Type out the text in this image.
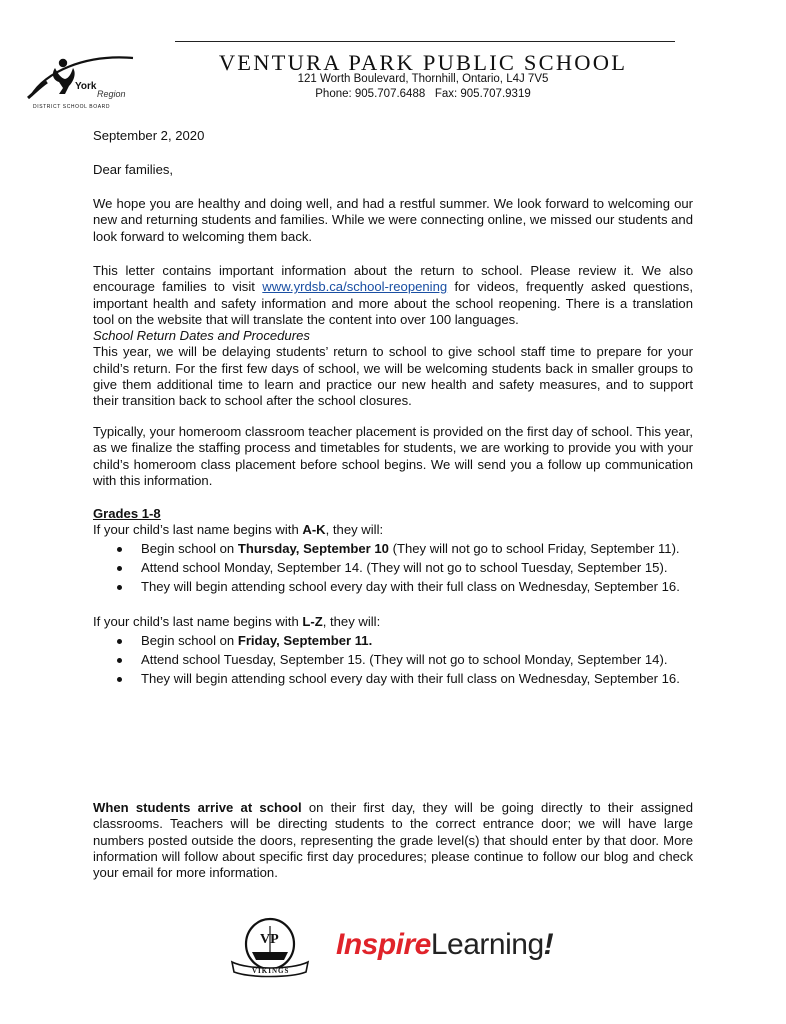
York
Region
DISTRICT SCHOOL BOARD
VENTURA PARK PUBLIC SCHOOL
121 Worth Boulevard, Thornhill, Ontario, L4J 7V5
Phone: 905.707.6488   Fax: 905.707.9319
September 2, 2020
Dear families,
We hope you are healthy and doing well, and had a restful summer. We look forward to welcoming our new and returning students and families. While we were connecting online, we missed our students and look forward to welcoming them back.
This letter contains important information about the return to school. Please review it. We also encourage families to visit www.yrdsb.ca/school-reopening for videos, frequently asked questions, important health and safety information and more about the school reopening. There is a translation tool on the website that will translate the content into over 100 languages.
School Return Dates and Procedures
This year, we will be delaying students’ return to school to give school staff time to prepare for your child’s return. For the first few days of school, we will be welcoming students back in smaller groups to give them additional time to learn and practice our new health and safety measures, and to support their transition back to school after the school closures.
Typically, your homeroom classroom teacher placement is provided on the first day of school. This year, as we finalize the staffing process and timetables for students, we are working to provide you with your child’s homeroom class placement before school begins. We will send you a follow up communication with this information.
Grades 1-8
If your child’s last name begins with A-K, they will:
Begin school on Thursday, September 10 (They will not go to school Friday, September 11).
Attend school Monday, September 14. (They will not go to school Tuesday, September 15).
They will begin attending school every day with their full class on Wednesday, September 16.
If your child’s last name begins with L-Z, they will:
Begin school on Friday, September 11.
Attend school Tuesday, September 15. (They will not go to school Monday, September 14).
They will begin attending school every day with their full class on Wednesday, September 16.
When students arrive at school on their first day, they will be going directly to their assigned classrooms. Teachers will be directing students to the correct entrance door; we will have large numbers posted outside the doors, representing the grade level(s) that should enter by that door. More information will follow about specific first day procedures; please continue to follow our blog and check your email for more information.
VP
VIKINGS
InspireLearning!
